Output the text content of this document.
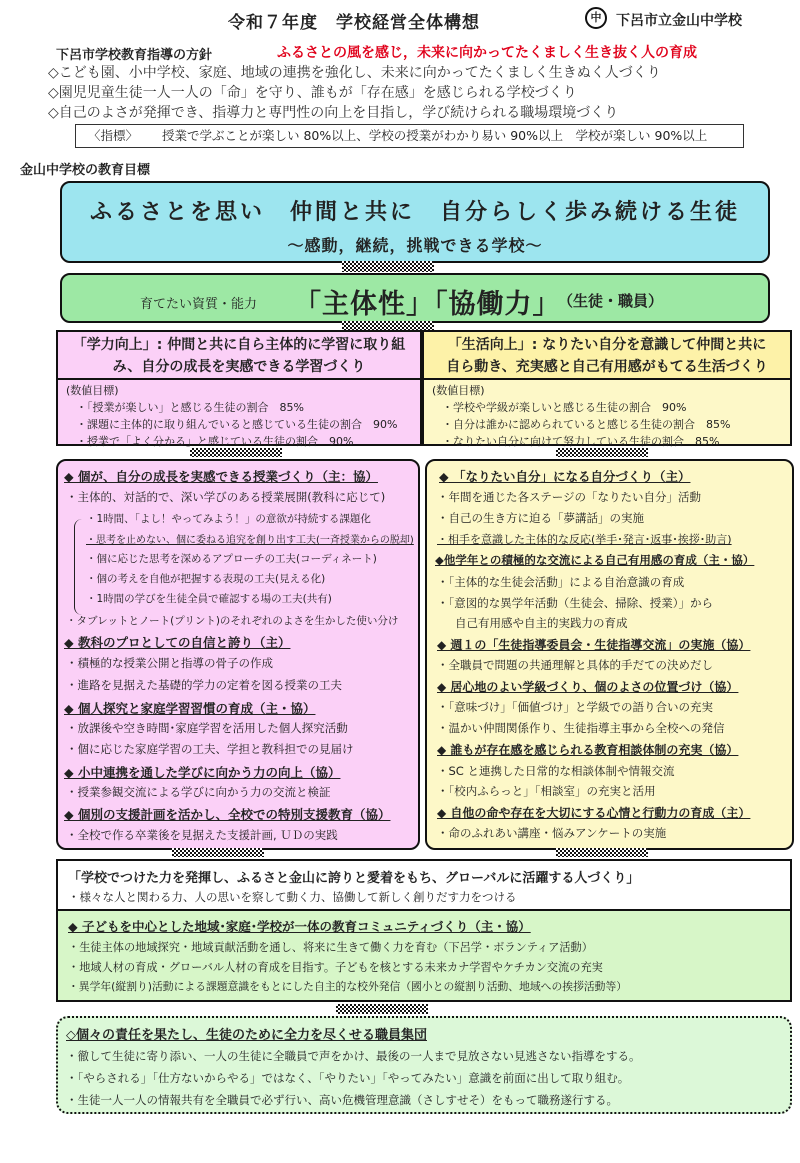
令和７年度　学校経営全体構想	中	下呂市立金山中学校
下呂市学校教育指導の方針	ふるさとの風を感じ，未来に向かってたくましく生き抜く人の育成
◇こども園、小中学校、家庭、地域の連携を強化し、未来に向かってたくましく生きぬく人づくり
◇園児児童生徒一人一人の「命」を守り、誰もが「存在感」を感じられる学校づくり
◇自己のよさが発揮でき、指導力と専門性の向上を目指し，学び続けられる職場環境づくり
〈指標〉 授業で学ぶことが楽しい 80%以上、学校の授業がわかり易い 90%以上　学校が楽しい 90%以上
金山中学校の教育目標
ふるさとを思い　仲間と共に　自分らしく歩み続ける生徒
～感動，継続，挑戦できる学校～
育てたい資質・能力 「主体性」「協働力」
（生徒・職員）
「学力向上」: 仲間と共に自ら主体的に学習に取り組
み、自分の成長を実感できる学習づくり
「生活向上」: なりたい自分を意識して仲間と共に
自ら動き、充実感と自己有用感がもてる生活づくり
(数値目標)
・「授業が楽しい」と感じる生徒の割合　85%
・課題に主体的に取り組んでいると感じている生徒の割合　90%
・授業で「よく分かる」と感じている生徒の割合　90%
(数値目標)
・学校や学級が楽しいと感じる生徒の割合　90%
・自分は誰かに認められていると感じる生徒の割合　85%
・なりたい自分に向けて努力している生徒の割合　85%
◆ 個が、自分の成長を実感できる授業づくり（主：協）
・主体的、対話的で、深い学びのある授業展開(教科に応じて)
・1時間、「よし！やってみよう！」の意欲が持続する課題化
・思考を止めない、個に委ねる追究を創り出す工夫(一斉授業からの脱却)
・個に応じた思考を深めるアプローチの工夫(コーディネート)
・個の考えを自他が把握する表現の工夫(見える化)
・1時間の学びを生徒全員で確認する場の工夫(共有)
・タブレットとノート(プリント)のそれぞれのよさを生かした使い分け
◆ 教科のプロとしての自信と誇り（主）
・積極的な授業公開と指導の骨子の作成
・進路を見据えた基礎的学力の定着を図る授業の工夫
◆ 個人探究と家庭学習習慣の育成（主・協）
・放課後や空き時間･家庭学習を活用した個人探究活動
・個に応じた家庭学習の工夫、学担と教科担での見届け
◆ 小中連携を通した学びに向かう力の向上（協）
・授業参観交流による学びに向かう力の交流と検証
◆ 個別の支援計画を活かし、全校での特別支援教育（協）
・全校で作る卒業後を見据えた支援計画, ＵＤの実践
◆ 「なりたい自分」になる自分づくり（主）
・年間を通じた各ステージの「なりたい自分」活動
・自己の生き方に迫る「夢講話」の実施
・相手を意識した主体的な反応(挙手･発言･返事･挨拶･助言)
◆他学年との積極的な交流による自己有用感の育成（主・協）
・「主体的な生徒会活動」による自治意識の育成
・「意図的な異学年活動（生徒会、掃除、授業）」から
自己有用感や自主的実践力の育成
◆ 週１の「生徒指導委員会・生徒指導交流」の実施（協）
・全職員で問題の共通理解と具体的手だての決めだし
◆ 居心地のよい学級づくり、個のよさの位置づけ（協）
・「意味づけ」「価値づけ」と学級での語り合いの充実
・温かい仲間関係作り、生徒指導主事から全校への発信
◆ 誰もが存在感を感じられる教育相談体制の充実（協）
・SC と連携した日常的な相談体制や情報交流
・「校内ふらっと」「相談室」の充実と活用
◆ 自他の命や存在を大切にする心情と行動力の育成（主）
・命のふれあい講座・悩みアンケートの実施
「学校でつけた力を発揮し、ふるさと金山に誇りと愛着をもち、グローバルに活躍する人づくり」
・様々な人と関わる力、人の思いを察して動く力、協働して新しく創りだす力をつける
◆ 子どもを中心とした地域･家庭･学校が一体の教育コミュニティづくり（主・協）
・生徒主体の地域探究・地域貢献活動を通し、将来に生きて働く力を育む（下呂学・ボランティア活動）
・地域人材の育成・グローバル人材の育成を目指す。子どもを核とする未来カナ学習やケチカン交流の充実
・異学年(縦割り)活動による課題意識をもとにした自主的な校外発信（國小との縦割り活動、地域への挨拶活動等）
◇個々の責任を果たし、生徒のために全力を尽くせる職員集団
・徹して生徒に寄り添い、一人の生徒に全職員で声をかけ、最後の一人まで見放さない見逃さない指導をする。
・「やらされる」「仕方ないからやる」ではなく、「やりたい」「やってみたい」意識を前面に出して取り組む。
・生徒一人一人の情報共有を全職員で必ず行い、高い危機管理意識（さしすせそ）をもって職務遂行する。
